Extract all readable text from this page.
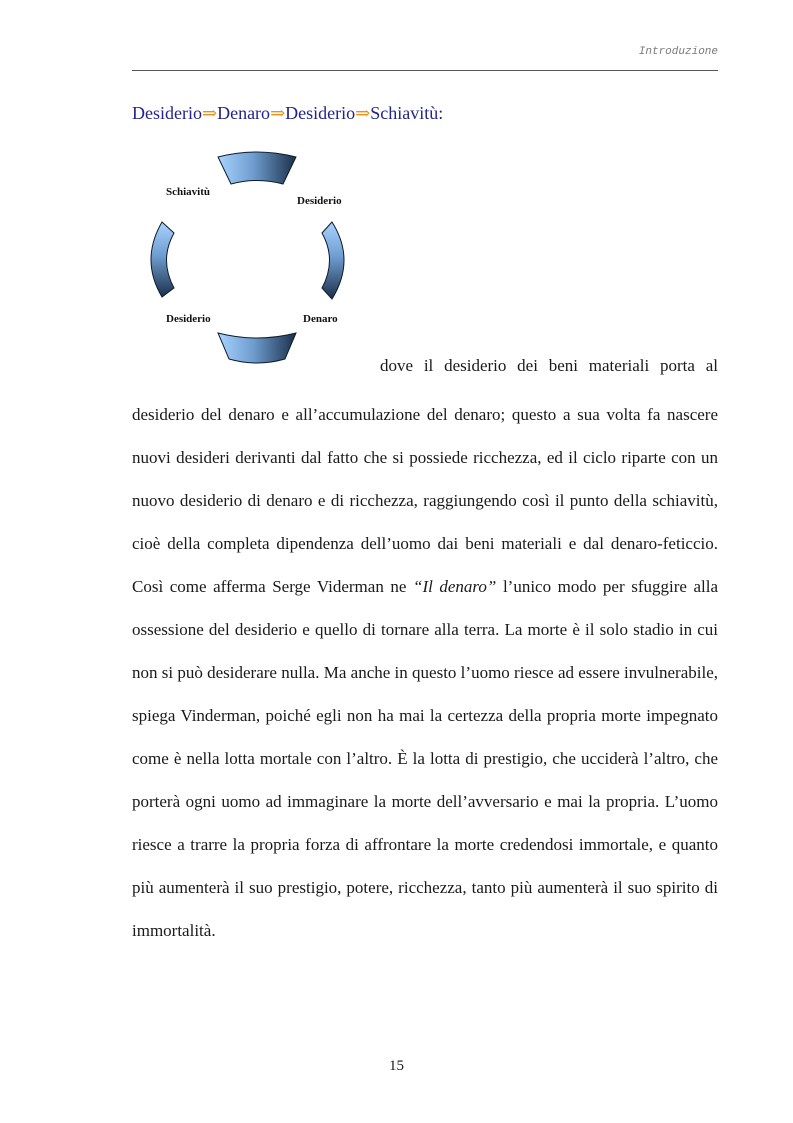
Introduzione
Desiderio⇒Denaro⇒Desiderio⇒Schiavitù:
Schiavitù
Desiderio
Desiderio	Denaro
dove il desiderio dei beni materiali porta al

desiderio del denaro e all’accumulazione del denaro; questo a sua volta fa nascere nuovi desideri derivanti dal fatto che si possiede ricchezza, ed il ciclo riparte con un nuovo desiderio di denaro e di ricchezza, raggiungendo così il punto della schiavitù, cioè della completa dipendenza dell’uomo dai beni materiali e dal denaro-feticcio. Così come afferma Serge Viderman ne “Il denaro” l’unico modo per sfuggire alla ossessione del desiderio e quello di tornare alla terra. La morte è il solo stadio in cui non si può desiderare nulla. Ma anche in questo l’uomo riesce ad essere invulnerabile, spiega Vinderman, poiché egli non ha mai la certezza della propria morte impegnato come è nella lotta mortale con l’altro. È la lotta di prestigio, che ucciderà l’altro, che porterà ogni uomo ad immaginare la morte dell’avversario e mai la propria. L’uomo riesce a trarre la propria forza di affrontare la morte credendosi immortale, e quanto più aumenterà il suo prestigio, potere, ricchezza, tanto più aumenterà il suo spirito di immortalità.

15
